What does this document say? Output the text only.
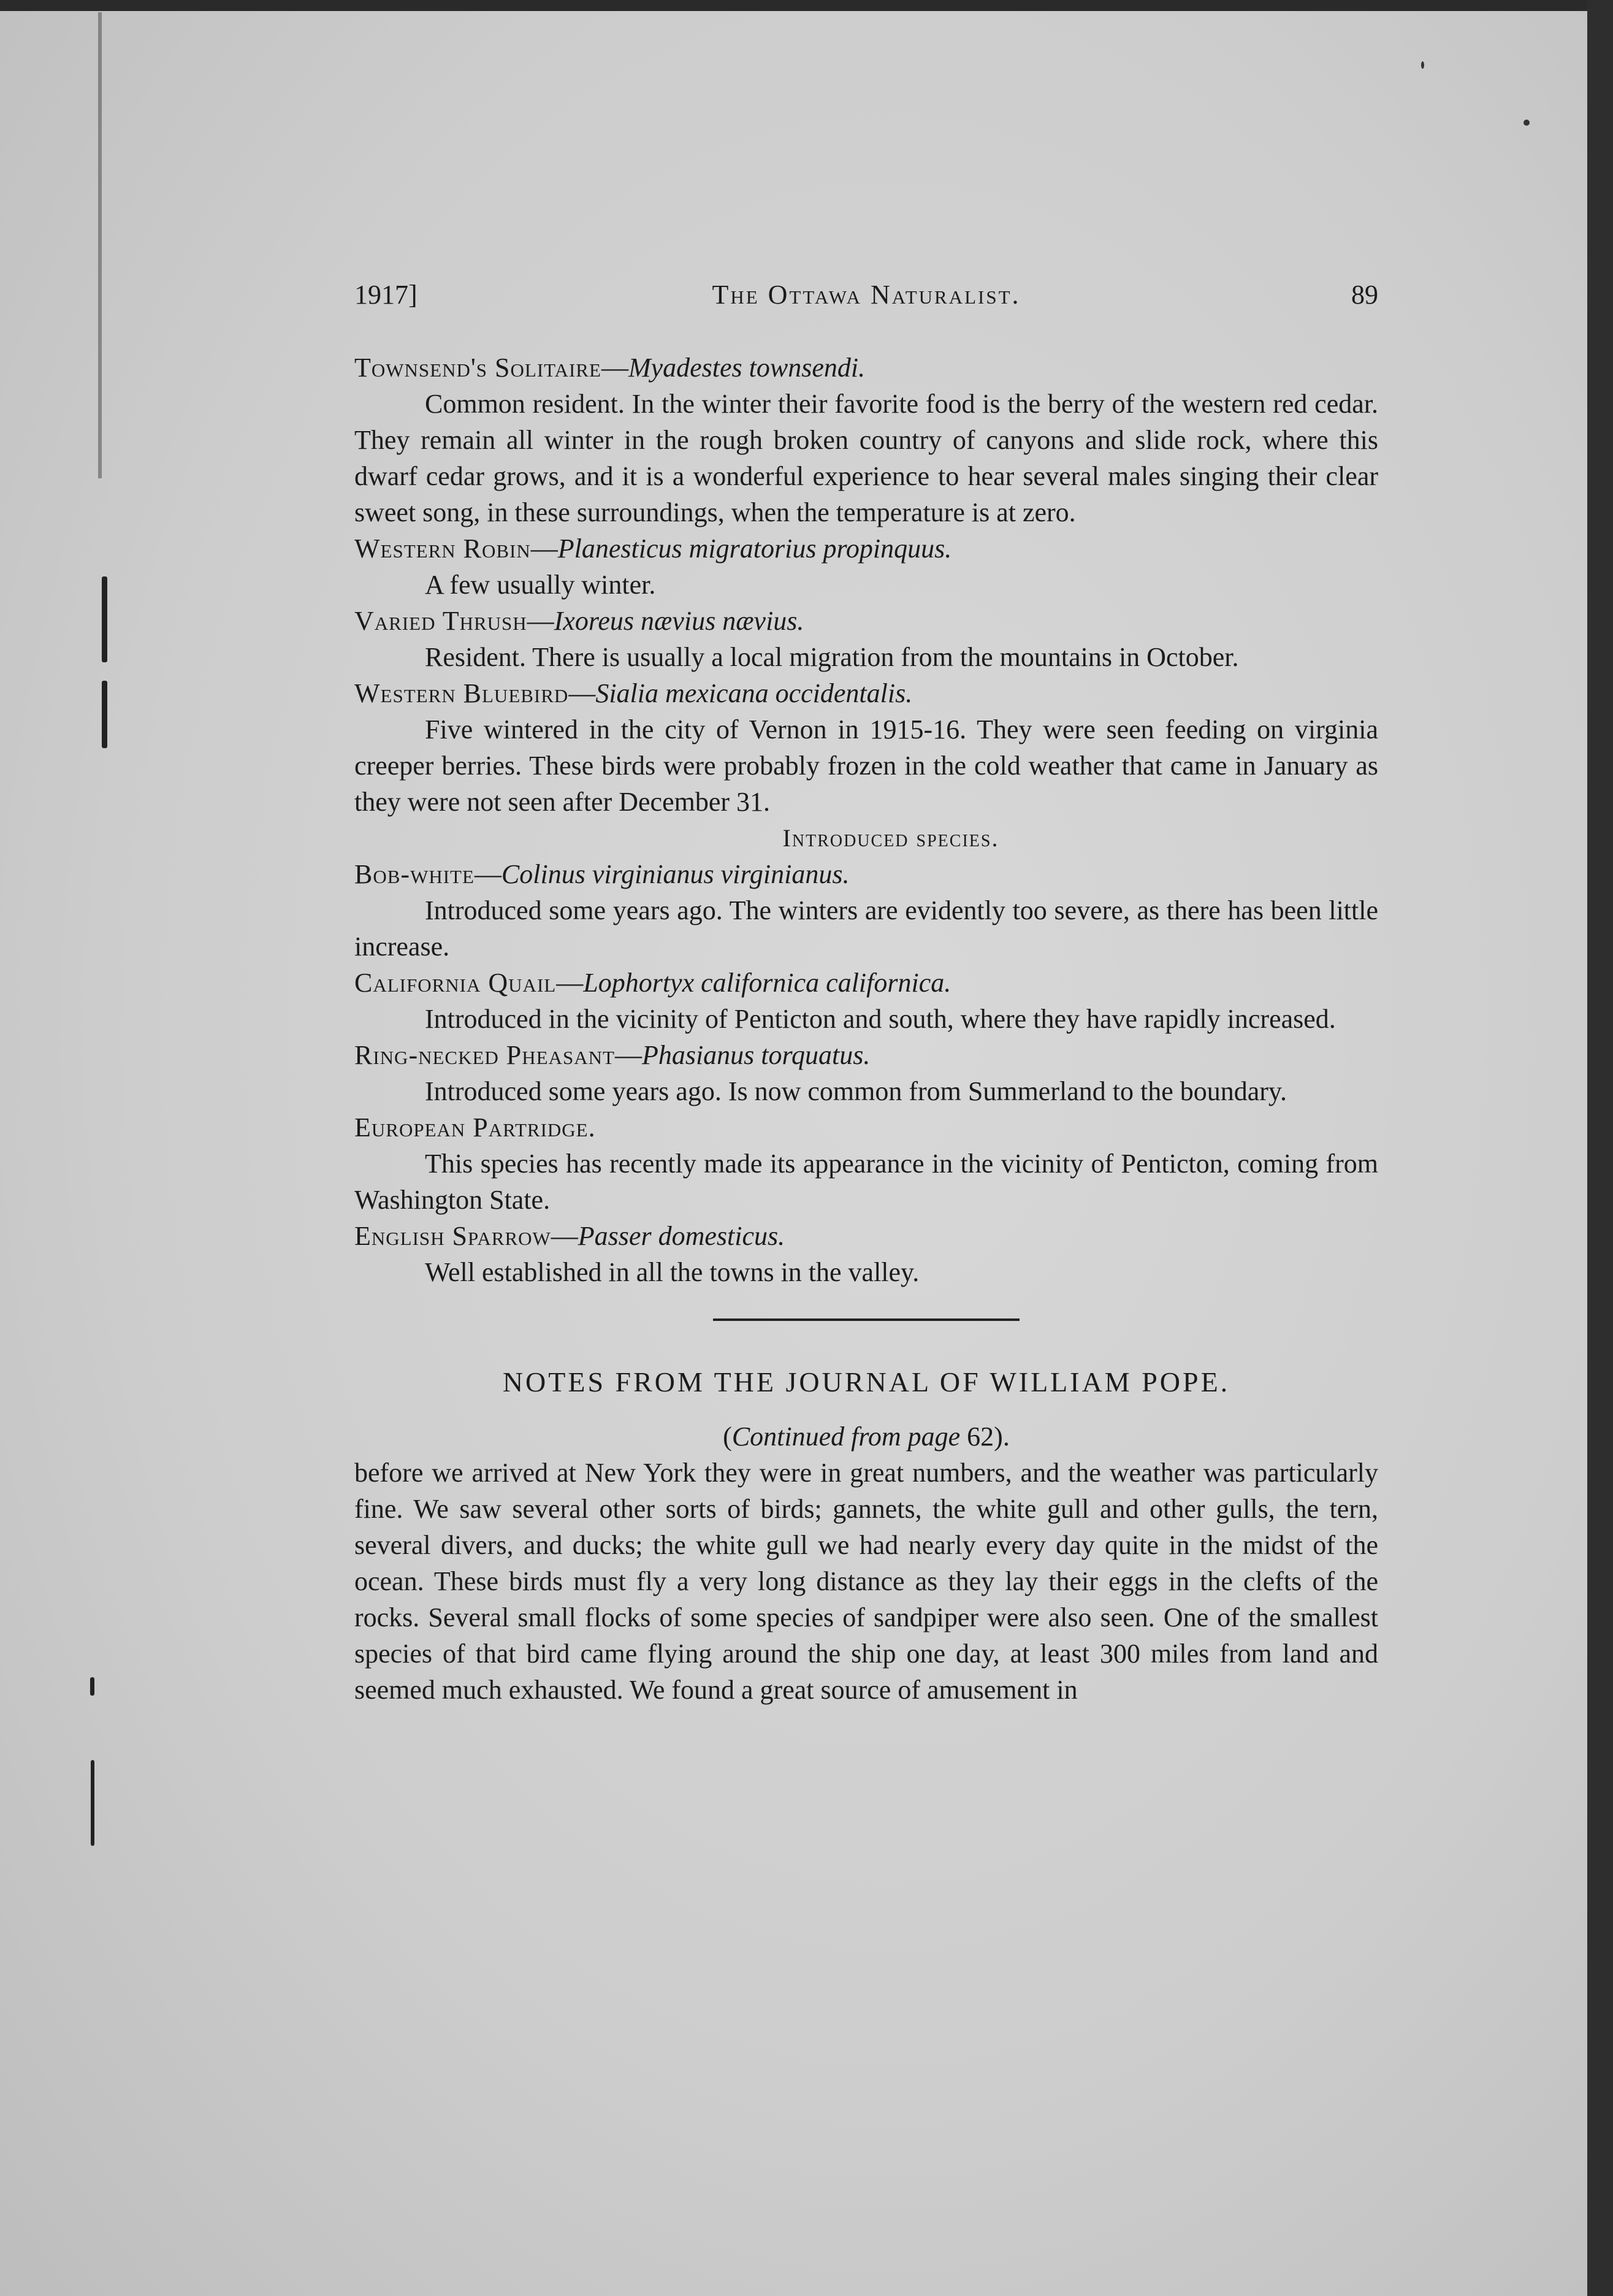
1917]	The Ottawa Naturalist.	89

Townsend's Solitaire—Myadestes townsendi.

Common resident. In the winter their favorite food is the berry of the western red cedar. They remain all winter in the rough broken country of canyons and slide rock, where this dwarf cedar grows, and it is a wonderful experience to hear several males singing their clear sweet song, in these surroundings, when the temperature is at zero.

Western Robin—Planesticus migratorius propinquus.

A few usually winter.

Varied Thrush—Ixoreus nævius nævius.

Resident. There is usually a local migration from the mountains in October.

Western Bluebird—Sialia mexicana occidentalis.

Five wintered in the city of Vernon in 1915-16. They were seen feeding on virginia creeper berries. These birds were probably frozen in the cold weather that came in January as they were not seen after December 31.

Introduced species.

Bob-white—Colinus virginianus virginianus.

Introduced some years ago. The winters are evidently too severe, as there has been little increase.

California Quail—Lophortyx californica californica.

Introduced in the vicinity of Penticton and south, where they have rapidly increased.

Ring-necked Pheasant—Phasianus torquatus.

Introduced some years ago. Is now common from Summerland to the boundary.

European Partridge.

This species has recently made its appearance in the vicinity of Penticton, coming from Washington State.

English Sparrow—Passer domesticus.

Well established in all the towns in the valley.

NOTES FROM THE JOURNAL OF WILLIAM POPE.

(Continued from page 62).

before we arrived at New York they were in great numbers, and the weather was particularly fine. We saw several other sorts of birds; gannets, the white gull and other gulls, the tern, several divers, and ducks; the white gull we had nearly every day quite in the midst of the ocean. These birds must fly a very long distance as they lay their eggs in the clefts of the rocks. Several small flocks of some species of sandpiper were also seen. One of the smallest species of that bird came flying around the ship one day, at least 300 miles from land and seemed much exhausted. We found a great source of amusement in
